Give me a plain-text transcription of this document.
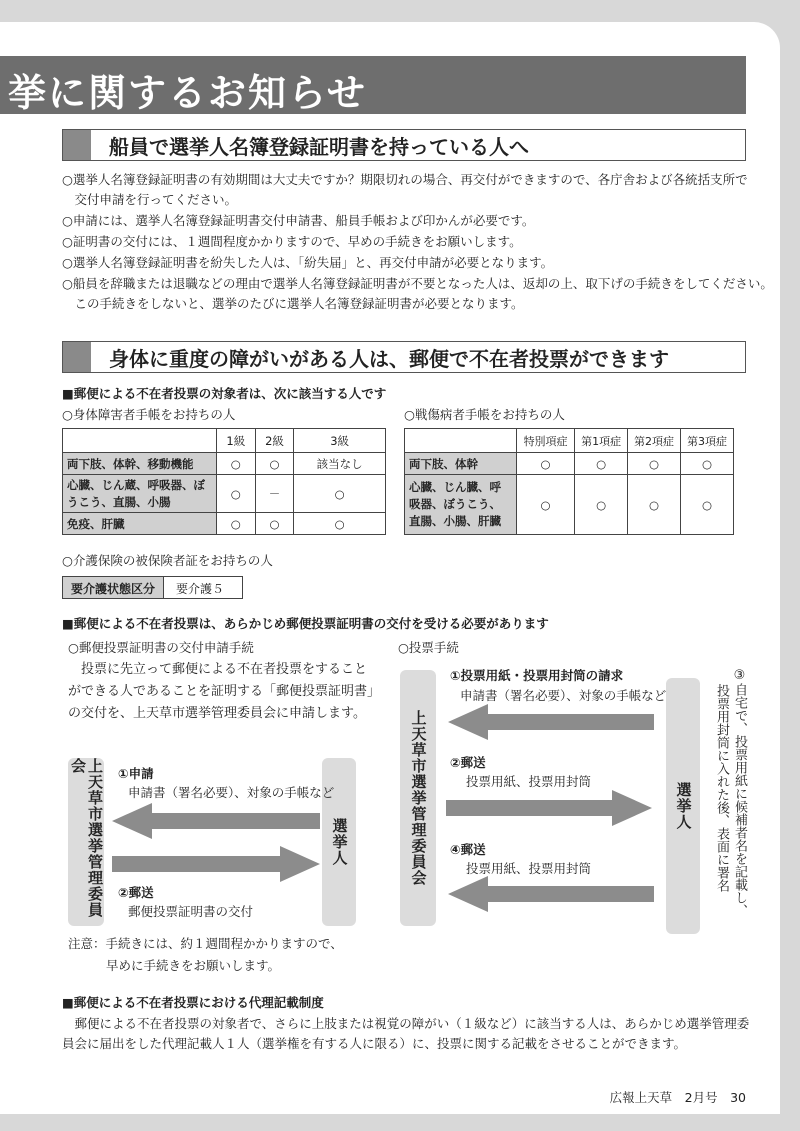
挙に関するお知らせ
船員で選挙人名簿登録証明書を持っている人へ
○選挙人名簿登録証明書の有効期間は大丈夫ですか？期限切れの場合、再交付ができますので、各庁舎および各統括支所で
　交付申請を行ってください。
○申請には、選挙人名簿登録証明書交付申請書、船員手帳および印かんが必要です。
○証明書の交付には、１週間程度かかりますので、早めの手続きをお願いします。
○選挙人名簿登録証明書を紛失した人は、「紛失届」と、再交付申請が必要となります。
○船員を辞職または退職などの理由で選挙人名簿登録証明書が不要となった人は、返却の上、取下げの手続きをしてください。
　この手続きをしないと、選挙のたびに選挙人名簿登録証明書が必要となります。
身体に重度の障がいがある人は、郵便で不在者投票ができます
■郵便による不在者投票の対象者は、次に該当する人です
○身体障害者手帳をお持ちの人
	1級	2級	3級
両下肢、体幹、移動機能	○	○	該当なし
心臓、じん蔵、呼吸器、ぼうこう、直腸、小腸	○	－	○
免疫、肝臓	○	○	○
○戦傷病者手帳をお持ちの人
	特別項症	第1項症	第2項症	第3項症
両下肢、体幹	○	○	○	○
心臓、じん臓、呼吸器、ぼうこう、直腸、小腸、肝臓	○	○	○	○
○介護保険の被保険者証をお持ちの人
要介護状態区分	要介護５
■郵便による不在者投票は、あらかじめ郵便投票証明書の交付を受ける必要があります
○郵便投票証明書の交付申請手続
　投票に先立って郵便による不在者投票をすること
ができる人であることを証明する「郵便投票証明書」
の交付を、上天草市選挙管理委員会に申請します。
上天草市選挙管理委員会
選挙人
①申請
申請書（署名必要）、対象の手帳など
②郵送
郵便投票証明書の交付
注意：手続きには、約１週間程かかりますので、
早めに手続きをお願いします。
○投票手続
上天草市選挙管理委員会	選挙人
①投票用紙・投票用封筒の請求
申請書（署名必要）、対象の手帳など
②郵送
投票用紙、投票用封筒
④郵送
投票用紙、投票用封筒	③自宅で、投票用紙に候補者名を記載し、
投票用封筒に入れた後、表面に署名
■郵便による不在者投票における代理記載制度
　郵便による不在者投票の対象者で、さらに上肢または視覚の障がい（１級など）に該当する人は、あらかじめ選挙管理委
員会に届出をした代理記載人１人（選挙権を有する人に限る）に、投票に関する記載をさせることができます。
広報上天草　2月号　30
